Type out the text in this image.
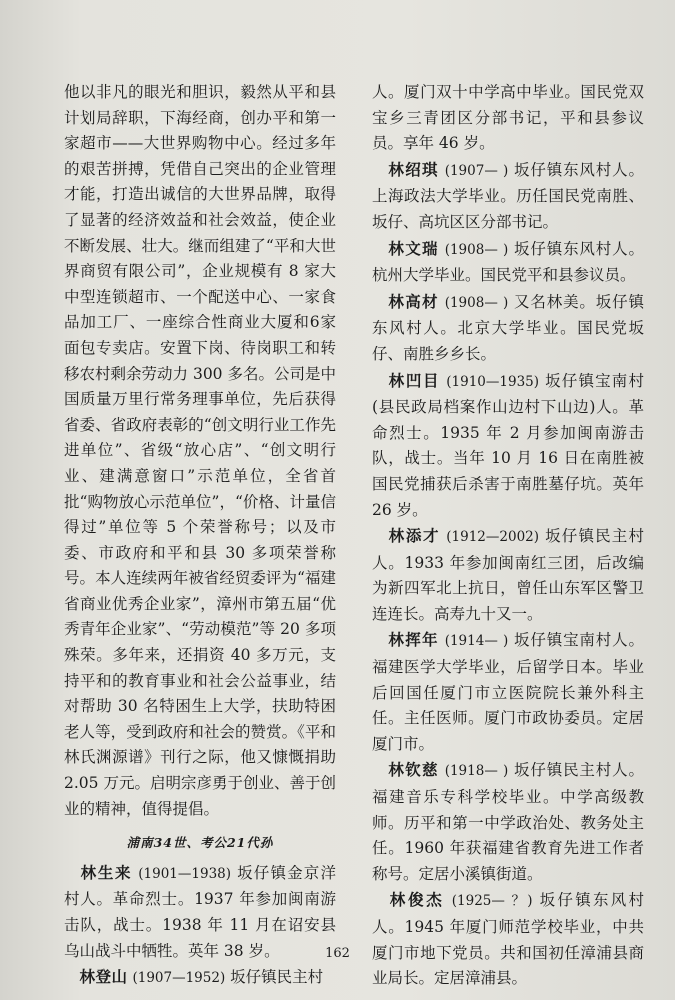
他以非凡的眼光和胆识，毅然从平和县计划局辞职，下海经商，创办平和第一家超市——大世界购物中心。经过多年的艰苦拼搏，凭借自己突出的企业管理才能，打造出诚信的大世界品牌，取得了显著的经济效益和社会效益，使企业不断发展、壮大。继而组建了“平和大世界商贸有限公司”，企业规模有 8 家大中型连锁超市、一个配送中心、一家食品加工厂、一座综合性商业大厦和6家面包专卖店。安置下岗、待岗职工和转移农村剩余劳动力 300 多名。公司是中国质量万里行常务理事单位，先后获得省委、省政府表彰的“创文明行业工作先进单位”、省级“放心店”、“创文明行业、建满意窗口”示范单位，全省首批“购物放心示范单位”，“价格、计量信得过”单位等 5 个荣誉称号；以及市委、市政府和平和县 30 多项荣誉称号。本人连续两年被省经贸委评为“福建省商业优秀企业家”，漳州市第五届“优秀青年企业家”、“劳动模范”等 20 多项殊荣。多年来，还捐资 40 多万元，支持平和的教育事业和社会公益事业，结对帮助 30 名特困生上大学，扶助特困老人等，受到政府和社会的赞赏。《平和林氏渊源谱》刊行之际，他又慷慨捐助 2.05 万元。启明宗彦勇于创业、善于创业的精神，值得提倡。

浦南34世、考公21代孙

　林生来 (1901—1938) 坂仔镇金京洋村人。革命烈士。1937 年参加闽南游击队，战士。1938 年 11 月在诏安县乌山战斗中牺牲。英年 38 岁。

　林登山 (1907—1952) 坂仔镇民主村

人。厦门双十中学高中毕业。国民党双宝乡三青团区分部书记，平和县参议员。享年 46 岁。

　林绍琪 (1907— ) 坂仔镇东风村人。上海政法大学毕业。历任国民党南胜、坂仔、高坑区区分部书记。

　林文瑞 (1908— ) 坂仔镇东风村人。杭州大学毕业。国民党平和县参议员。

　林高材 (1908— ) 又名林美。坂仔镇东风村人。北京大学毕业。国民党坂仔、南胜乡乡长。

　林凹目 (1910—1935) 坂仔镇宝南村(县民政局档案作山边村下山边)人。革命烈士。1935 年 2 月参加闽南游击队，战士。当年 10 月 16 日在南胜被国民党捕获后杀害于南胜墓仔坑。英年 26 岁。

　林添才 (1912—2002) 坂仔镇民主村人。1933 年参加闽南红三团，后改编为新四军北上抗日，曾任山东军区警卫连连长。高寿九十又一。

　林挥年 (1914— ) 坂仔镇宝南村人。福建医学大学毕业，后留学日本。毕业后回国任厦门市立医院院长兼外科主任。主任医师。厦门市政协委员。定居厦门市。

　林钦慈 (1918— ) 坂仔镇民主村人。福建音乐专科学校毕业。中学高级教师。历平和第一中学政治处、教务处主任。1960 年获福建省教育先进工作者称号。定居小溪镇街道。

　林俊杰 (1925— ？) 坂仔镇东风村人。1945 年厦门师范学校毕业，中共厦门市地下党员。共和国初任漳浦县商业局长。定居漳浦县。

162
